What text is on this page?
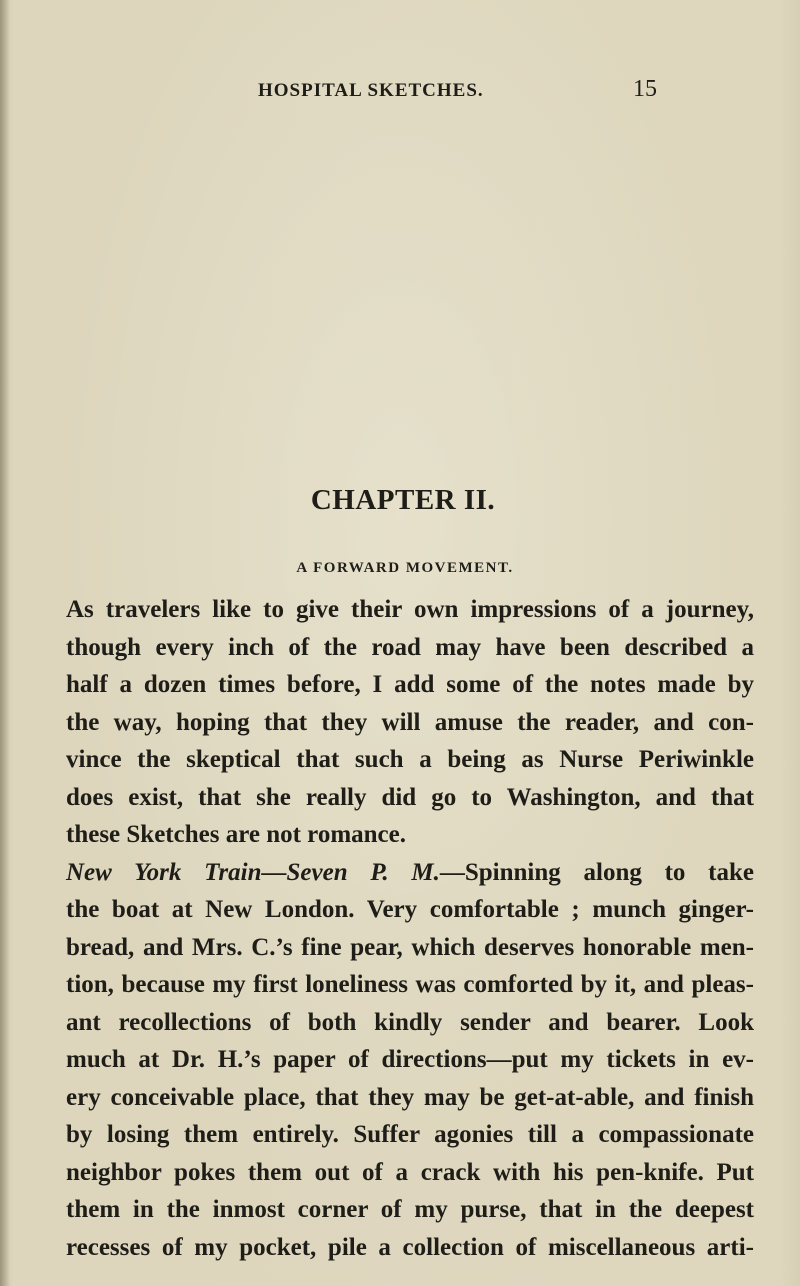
HOSPITAL SKETCHES.	15
CHAPTER II.
A FORWARD MOVEMENT.
As travelers like to give their own impressions of a journey,
though every inch of the road may have been described a
half a dozen times before, I add some of the notes made by
the way, hoping that they will amuse the reader, and con-
vince the skeptical that such a being as Nurse Periwinkle
does exist, that she really did go to Washington, and that
these Sketches are not romance.
New York Train—Seven P. M.—Spinning along to take
the boat at New London. Very comfortable ; munch ginger-
bread, and Mrs. C.’s fine pear, which deserves honorable men-
tion, because my first loneliness was comforted by it, and pleas-
ant recollections of both kindly sender and bearer. Look
much at Dr. H.’s paper of directions—put my tickets in ev-
ery conceivable place, that they may be get-at-able, and finish
by losing them entirely. Suffer agonies till a compassionate
neighbor pokes them out of a crack with his pen-knife. Put
them in the inmost corner of my purse, that in the deepest
recesses of my pocket, pile a collection of miscellaneous arti-
